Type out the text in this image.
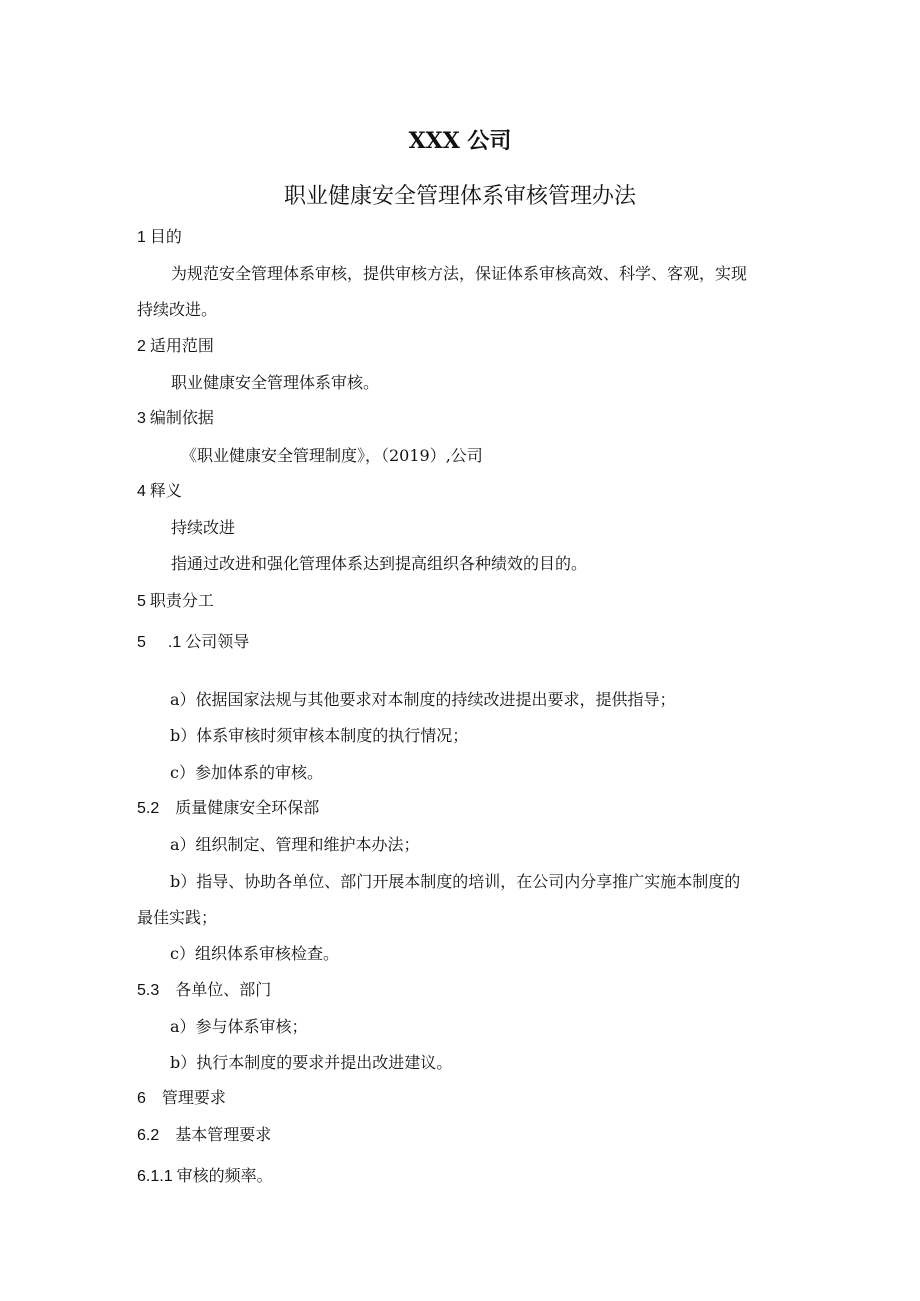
XXX 公司
职业健康安全管理体系审核管理办法
1 目的
为规范安全管理体系审核，提供审核方法，保证体系审核高效、科学、客观，实现
持续改进。
2 适用范围
职业健康安全管理体系审核。
3 编制依据
《职业健康安全管理制度》，（2019）,公司
4 释义
持续改进
指通过改进和强化管理体系达到提高组织各种绩效的目的。
5 职责分工
5 .1 公司领导
a）依据国家法规与其他要求对本制度的持续改进提出要求，提供指导；
b）体系审核时须审核本制度的执行情况；
c）参加体系的审核。
5.2 质量健康安全环保部
a）组织制定、管理和维护本办法；
b）指导、协助各单位、部门开展本制度的培训，在公司内分享推广实施本制度的
最佳实践；
c）组织体系审核检查。
5.3 各单位、部门
a）参与体系审核；
b）执行本制度的要求并提出改进建议。
6 管理要求
6.2 基本管理要求
6.1.1 审核的频率。
